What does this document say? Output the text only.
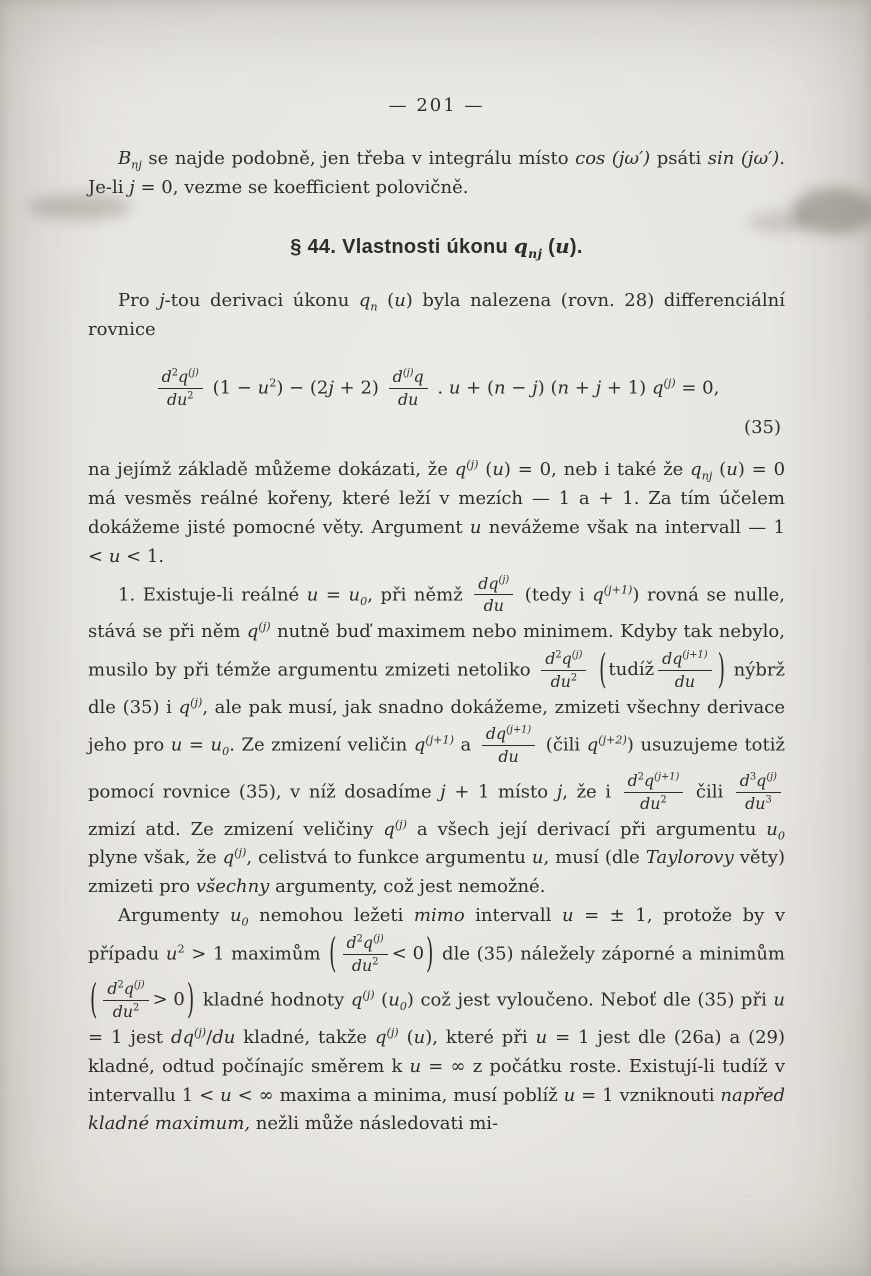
— 201 —

$B_{nj}$ se najde podobně, jen třeba v integrálu místo cos (jω′) psáti sin (jω′). Je-li j = 0, vezme se koefficient polovičně.

§ 44. Vlastnosti úkonu $q_{nj}$ (u).

Pro j-tou derivaci úkonu $q_n$ (u) byla nalezena (rovn. 28) differenciální rovnice

$\frac{d^2q^{(j)}}{du^2} (1 - u^2) - (2j + 2) \frac{d^{(j)}q}{du}$ . u + (n − j) (n + j + 1) $q^{(j)} = 0$,
(35)

na jejímž základě můžeme dokázati, že $q^{(j)}$ (u) = 0, neb i také že $q_{nj}$ (u) = 0 má vesměs reálné kořeny, které leží v mezích — 1 a + 1. Za tím účelem dokážeme jisté pomocné věty. Argument u nevážeme však na intervall — 1 < u < 1.

1. Existuje-li reálné $u = u_0$, při němž $\frac{dq^{(j)}}{du}$ (tedy i $q^{(j+1)}$) rovná se nulle, stává se při něm $q^{(j)}$ nutně buď maximem nebo minimem. Kdyby tak nebylo, musilo by při témže argumentu zmizeti netoliko $\frac{d^2q^{(j)}}{du^2}$
( tudíž $\frac{dq^{(j+1)}}{du}$ ) nýbrž dle (35) i $q^{(j)}$, ale pak musí, jak snadno dokážeme, zmizeti všechny derivace jeho pro $u = u_0$. Ze zmizení veličin $q^{(j+1)}$ a $\frac{dq^{(j+1)}}{du}$ (čili $q^{(j+2)}$) usuzujeme totiž pomocí rovnice (35), v níž dosadíme j + 1 místo j, že i $\frac{d^2q^{(j+1)}}{du^2}$ čili $\frac{d^3q^{(j)}}{du^3}$
zmizí atd. Ze zmizení veličiny $q^{(j)}$ a všech její derivací při argumentu $u_0$ plyne však, že $q^{(j)}$, celistvá to funkce argumentu u, musí (dle Taylorovy věty) zmizeti pro všechny argumenty, což jest nemožné.

Argumenty $u_0$ nemohou ležeti mimo intervall u = ± 1, protože by v případu $u^2 > 1$ maximům ( $\frac{d^2q^{(j)}}{du^2} < 0$ ) dle (35) náležely záporné a minimům
( $\frac{d^2q^{(j)}}{du^2} > 0$ ) kladné hodnoty $q^{(j)}$ $(u_0)$ což jest vyloučeno. Neboť dle (35) při u = 1 jest $dq^{(j)}/du$ kladné, takže $q^{(j)}$ (u), které při u = 1 jest dle (26a) a (29) kladné, odtud počínajíc směrem k u = ∞ z počátku roste. Existují-li tudíž v intervallu 1 < u < ∞ maxima a minima, musí poblíž u = 1 vzniknouti napřed kladné maximum, nežli může následovati mi-
